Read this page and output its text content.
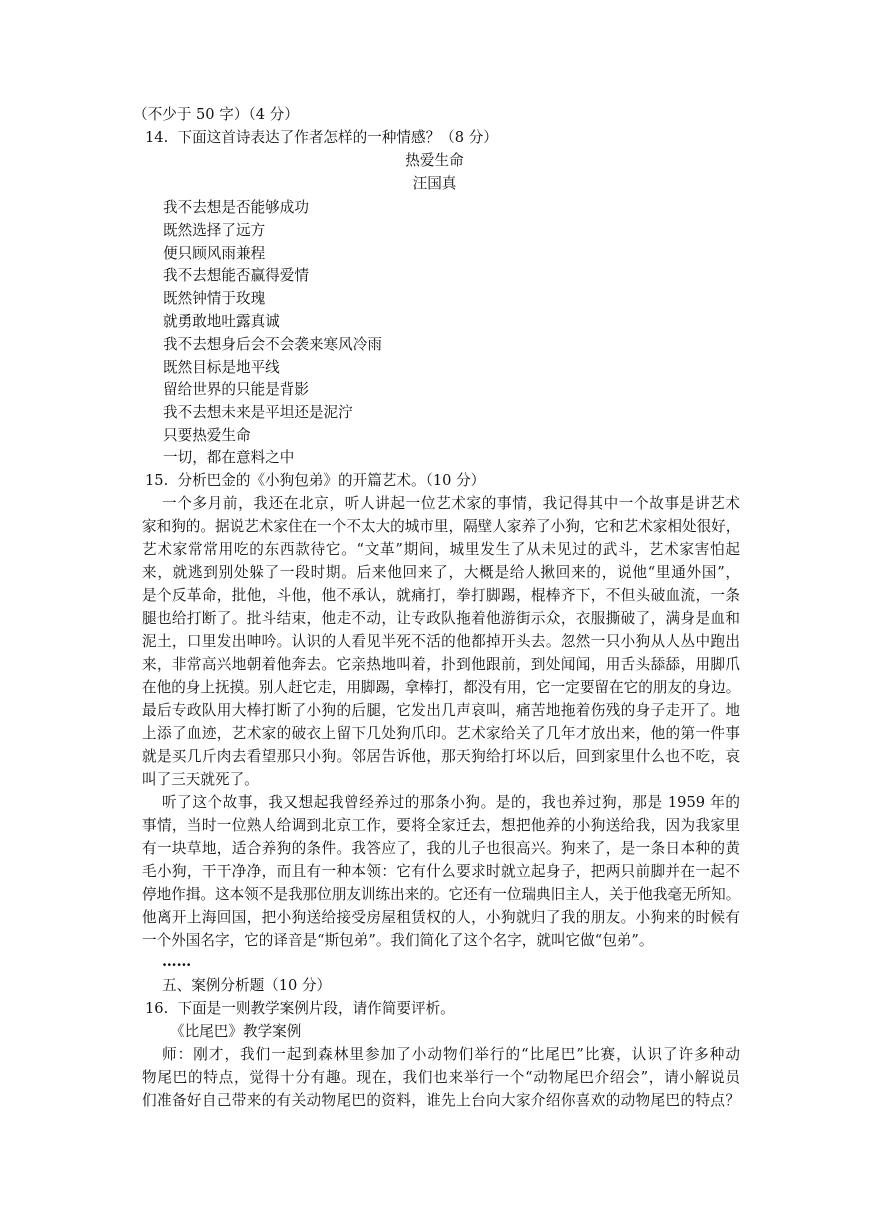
（不少于 50 字）（4 分）
14.  下面这首诗表达了作者怎样的一种情感？（8 分）
热爱生命
汪国真
我不去想是否能够成功
既然选择了远方
便只顾风雨兼程
我不去想能否赢得爱情
既然钟情于玫瑰
就勇敢地吐露真诚
我不去想身后会不会袭来寒风冷雨
既然目标是地平线
留给世界的只能是背影
我不去想未来是平坦还是泥泞
只要热爱生命
一切，都在意料之中
15.  分析巴金的《小狗包弟》的开篇艺术。（10 分）
一个多月前，我还在北京，听人讲起一位艺术家的事情，我记得其中一个故事是讲艺术
家和狗的。据说艺术家住在一个不太大的城市里，隔壁人家养了小狗，它和艺术家相处很好，
艺术家常常用吃的东西款待它。“文革”期间，城里发生了从未见过的武斗，艺术家害怕起
来，就逃到别处躲了一段时期。后来他回来了，大概是给人揪回来的，说他“里通外国”，
是个反革命，批他，斗他，他不承认，就痛打，拳打脚踢，棍棒齐下，不但头破血流，一条
腿也给打断了。批斗结束，他走不动，让专政队拖着他游街示众，衣服撕破了，满身是血和
泥土，口里发出呻吟。认识的人看见半死不活的他都掉开头去。忽然一只小狗从人丛中跑出
来，非常高兴地朝着他奔去。它亲热地叫着，扑到他跟前，到处闻闻，用舌头舔舔，用脚爪
在他的身上抚摸。别人赶它走，用脚踢，拿棒打，都没有用，它一定要留在它的朋友的身边。
最后专政队用大棒打断了小狗的后腿，它发出几声哀叫，痛苦地拖着伤残的身子走开了。地
上添了血迹，艺术家的破衣上留下几处狗爪印。艺术家给关了几年才放出来，他的第一件事
就是买几斤肉去看望那只小狗。邻居告诉他，那天狗给打坏以后，回到家里什么也不吃，哀
叫了三天就死了。
听了这个故事，我又想起我曾经养过的那条小狗。是的，我也养过狗，那是 1959 年的
事情，当时一位熟人给调到北京工作，要将全家迁去，想把他养的小狗送给我，因为我家里
有一块草地，适合养狗的条件。我答应了，我的儿子也很高兴。狗来了，是一条日本种的黄
毛小狗，干干净净，而且有一种本领：它有什么要求时就立起身子，把两只前脚并在一起不
停地作揖。这本领不是我那位朋友训练出来的。它还有一位瑞典旧主人，关于他我毫无所知。
他离开上海回国，把小狗送给接受房屋租赁权的人，小狗就归了我的朋友。小狗来的时候有
一个外国名字，它的译音是“斯包弟”。我们简化了这个名字，就叫它做“包弟”。
……
五、案例分析题（10 分）
16.  下面是一则教学案例片段，请作简要评析。
《比尾巴》教学案例
师：刚才，我们一起到森林里参加了小动物们举行的“比尾巴”比赛，认识了许多种动
物尾巴的特点，觉得十分有趣。现在，我们也来举行一个“动物尾巴介绍会”，请小解说员
们准备好自己带来的有关动物尾巴的资料，谁先上台向大家介绍你喜欢的动物尾巴的特点？
